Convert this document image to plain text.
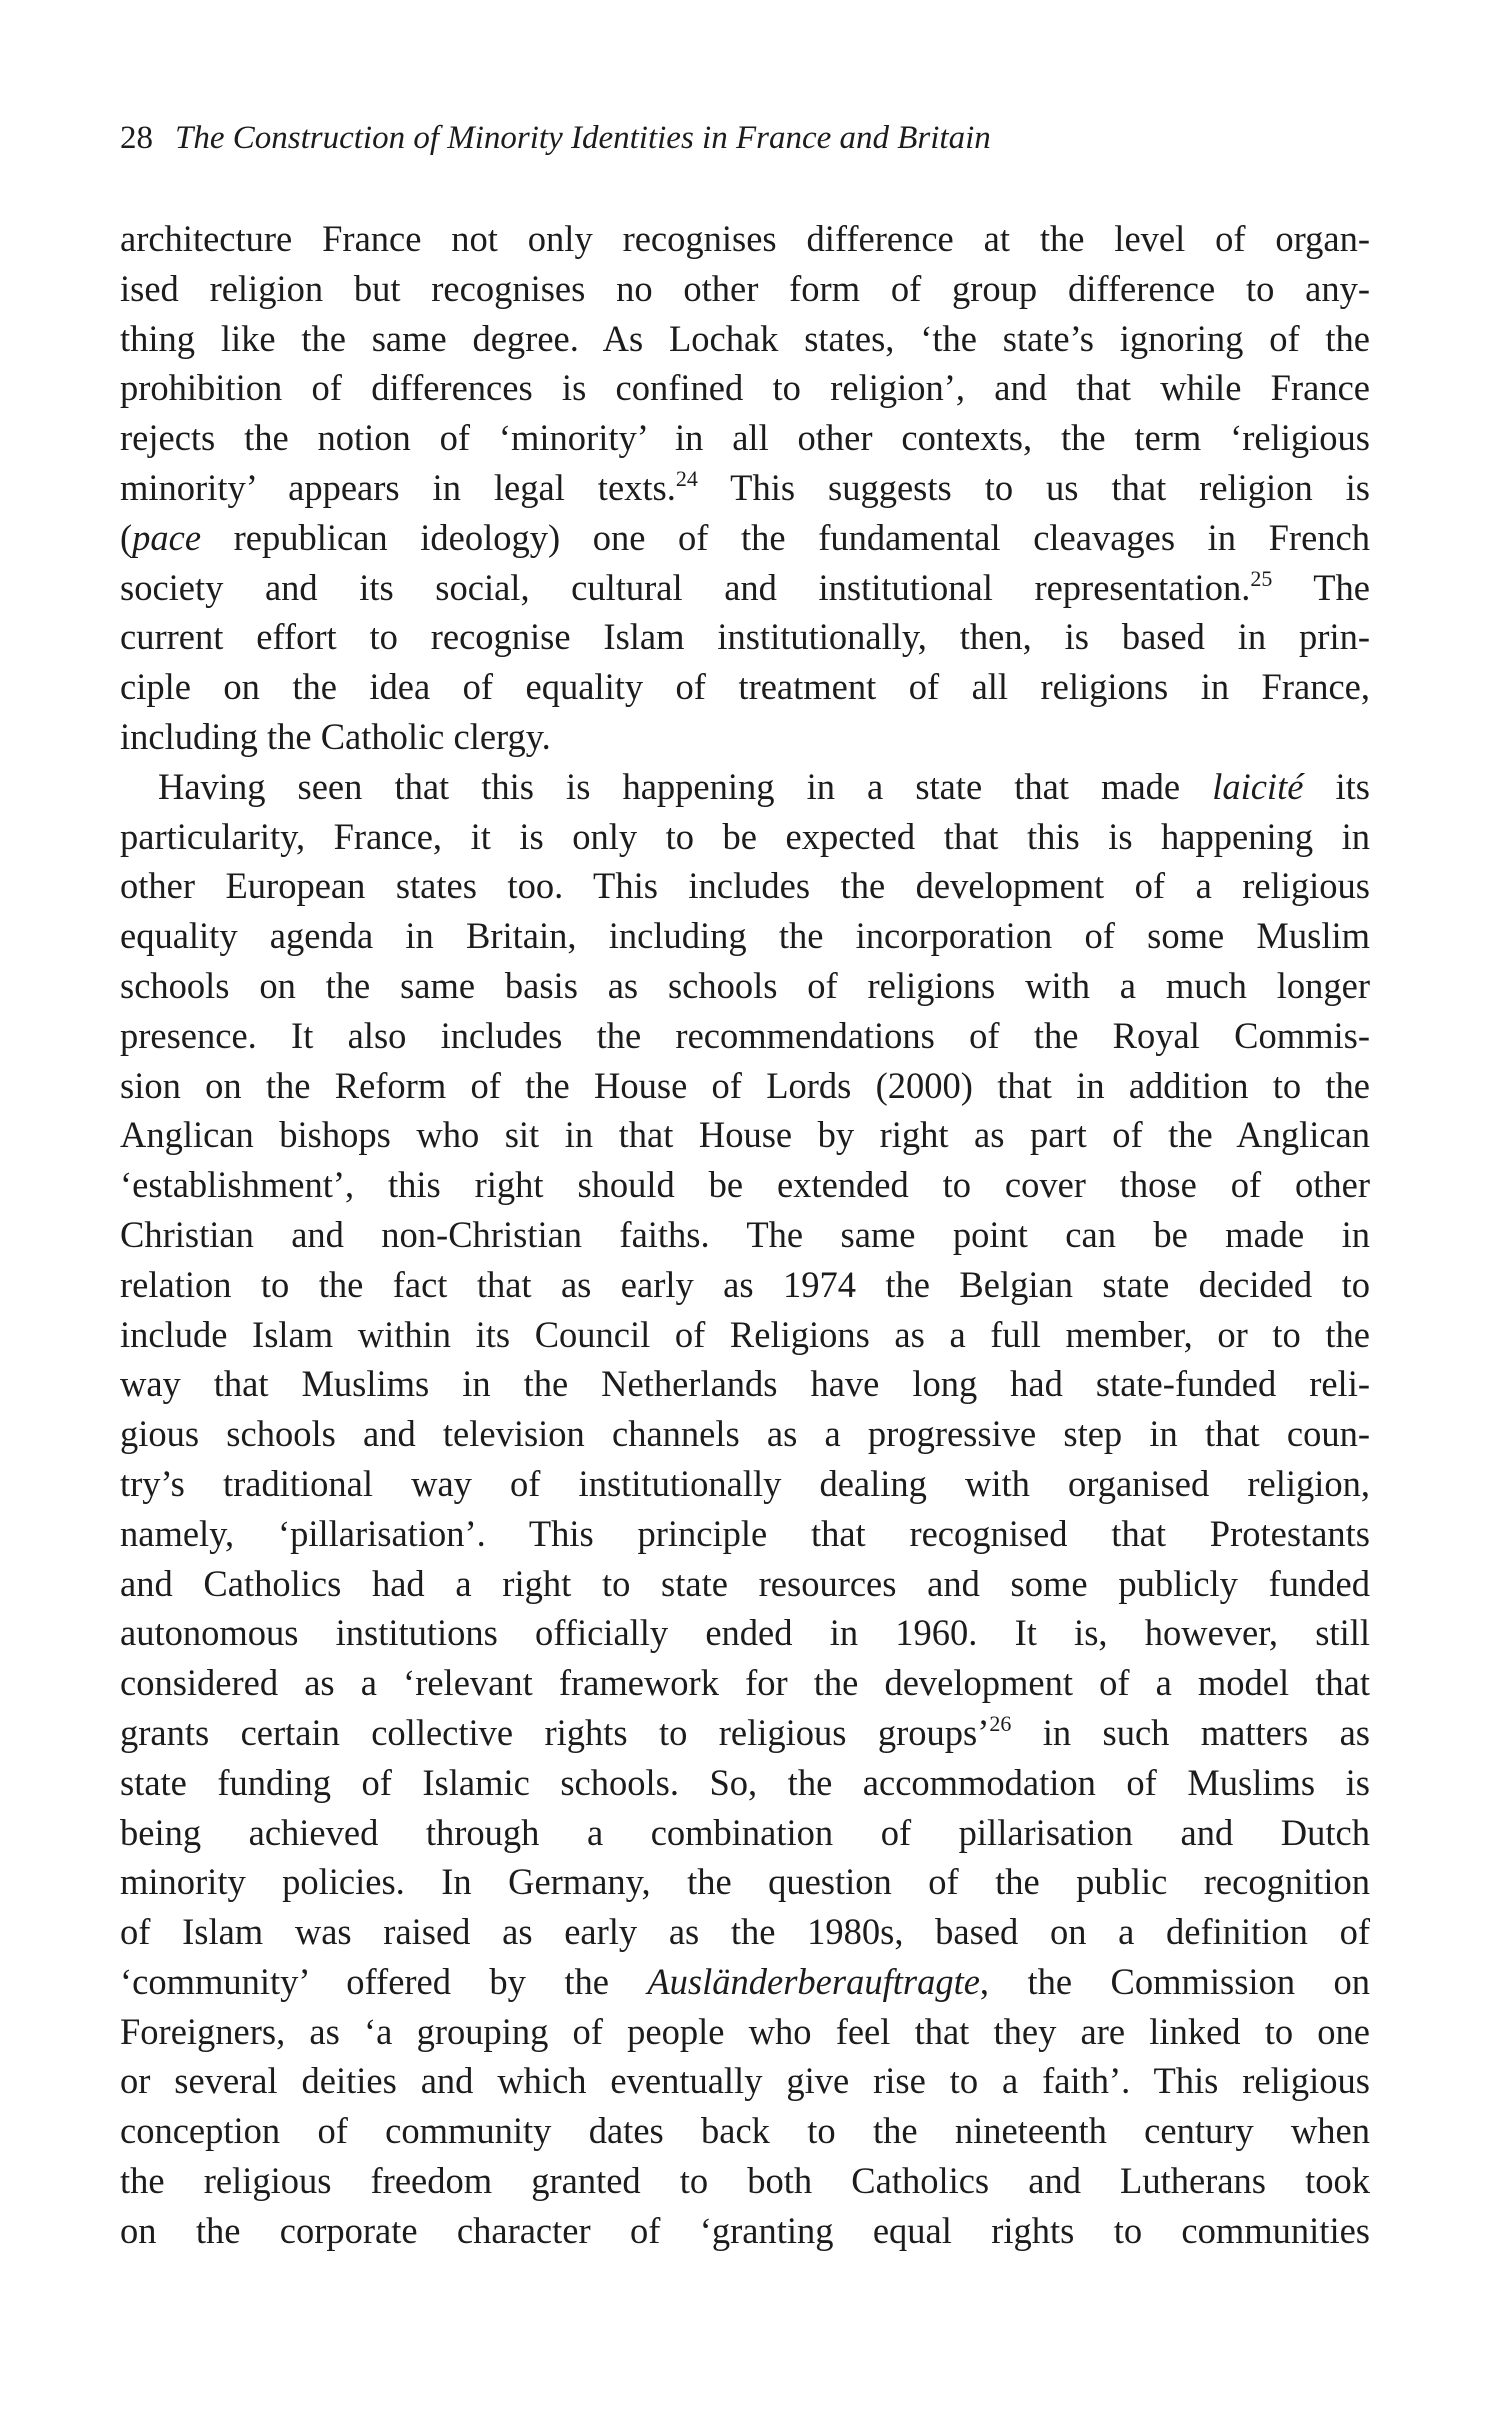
28 The Construction of Minority Identities in France and Britain
architecture France not only recognises difference at the level of organ-
ised religion but recognises no other form of group difference to any-
thing like the same degree. As Lochak states, ‘the state’s ignoring of the
prohibition of differences is confined to religion’, and that while France
rejects the notion of ‘minority’ in all other contexts, the term ‘religious
minority’ appears in legal texts.$^{24}$ This suggests to us that religion is
(pace republican ideology) one of the fundamental cleavages in French
society and its social, cultural and institutional representation.$^{25}$ The
current effort to recognise Islam institutionally, then, is based in prin-
ciple on the idea of equality of treatment of all religions in France,
including the Catholic clergy.
Having seen that this is happening in a state that made laicité its
particularity, France, it is only to be expected that this is happening in
other European states too. This includes the development of a religious
equality agenda in Britain, including the incorporation of some Muslim
schools on the same basis as schools of religions with a much longer
presence. It also includes the recommendations of the Royal Commis-
sion on the Reform of the House of Lords (2000) that in addition to the
Anglican bishops who sit in that House by right as part of the Anglican
‘establishment’, this right should be extended to cover those of other
Christian and non-Christian faiths. The same point can be made in
relation to the fact that as early as 1974 the Belgian state decided to
include Islam within its Council of Religions as a full member, or to the
way that Muslims in the Netherlands have long had state-funded reli-
gious schools and television channels as a progressive step in that coun-
try’s traditional way of institutionally dealing with organised religion,
namely, ‘pillarisation’. This principle that recognised that Protestants
and Catholics had a right to state resources and some publicly funded
autonomous institutions officially ended in 1960. It is, however, still
considered as a ‘relevant framework for the development of a model that
grants certain collective rights to religious groups’$^{26}$ in such matters as
state funding of Islamic schools. So, the accommodation of Muslims is
being achieved through a combination of pillarisation and Dutch
minority policies. In Germany, the question of the public recognition
of Islam was raised as early as the 1980s, based on a definition of
‘community’ offered by the Ausländerberauftragte, the Commission on
Foreigners, as ‘a grouping of people who feel that they are linked to one
or several deities and which eventually give rise to a faith’. This religious
conception of community dates back to the nineteenth century when
the religious freedom granted to both Catholics and Lutherans took
on the corporate character of ‘granting equal rights to communities
